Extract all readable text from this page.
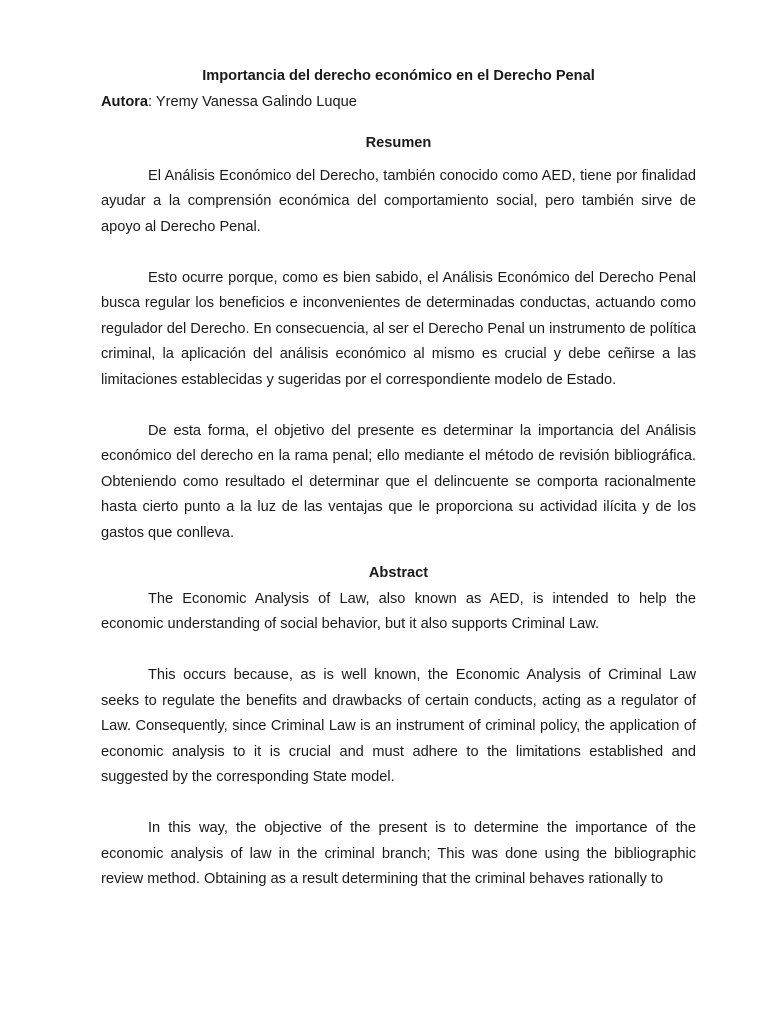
Importancia del derecho económico en el Derecho Penal

Autora: Yremy Vanessa Galindo Luque

Resumen

El Análisis Económico del Derecho, también conocido como AED, tiene por finalidad ayudar a la comprensión económica del comportamiento social, pero también sirve de apoyo al Derecho Penal.

Esto ocurre porque, como es bien sabido, el Análisis Económico del Derecho Penal busca regular los beneficios e inconvenientes de determinadas conductas, actuando como regulador del Derecho. En consecuencia, al ser el Derecho Penal un instrumento de política criminal, la aplicación del análisis económico al mismo es crucial y debe ceñirse a las limitaciones establecidas y sugeridas por el correspondiente modelo de Estado.

De esta forma, el objetivo del presente es determinar la importancia del Análisis económico del derecho en la rama penal; ello mediante el método de revisión bibliográfica. Obteniendo como resultado el determinar que el delincuente se comporta racionalmente hasta cierto punto a la luz de las ventajas que le proporciona su actividad ilícita y de los gastos que conlleva.

Abstract

The Economic Analysis of Law, also known as AED, is intended to help the economic understanding of social behavior, but it also supports Criminal Law.

This occurs because, as is well known, the Economic Analysis of Criminal Law seeks to regulate the benefits and drawbacks of certain conducts, acting as a regulator of Law. Consequently, since Criminal Law is an instrument of criminal policy, the application of economic analysis to it is crucial and must adhere to the limitations established and suggested by the corresponding State model.

In this way, the objective of the present is to determine the importance of the economic analysis of law in the criminal branch; This was done using the bibliographic review method. Obtaining as a result determining that the criminal behaves rationally to
